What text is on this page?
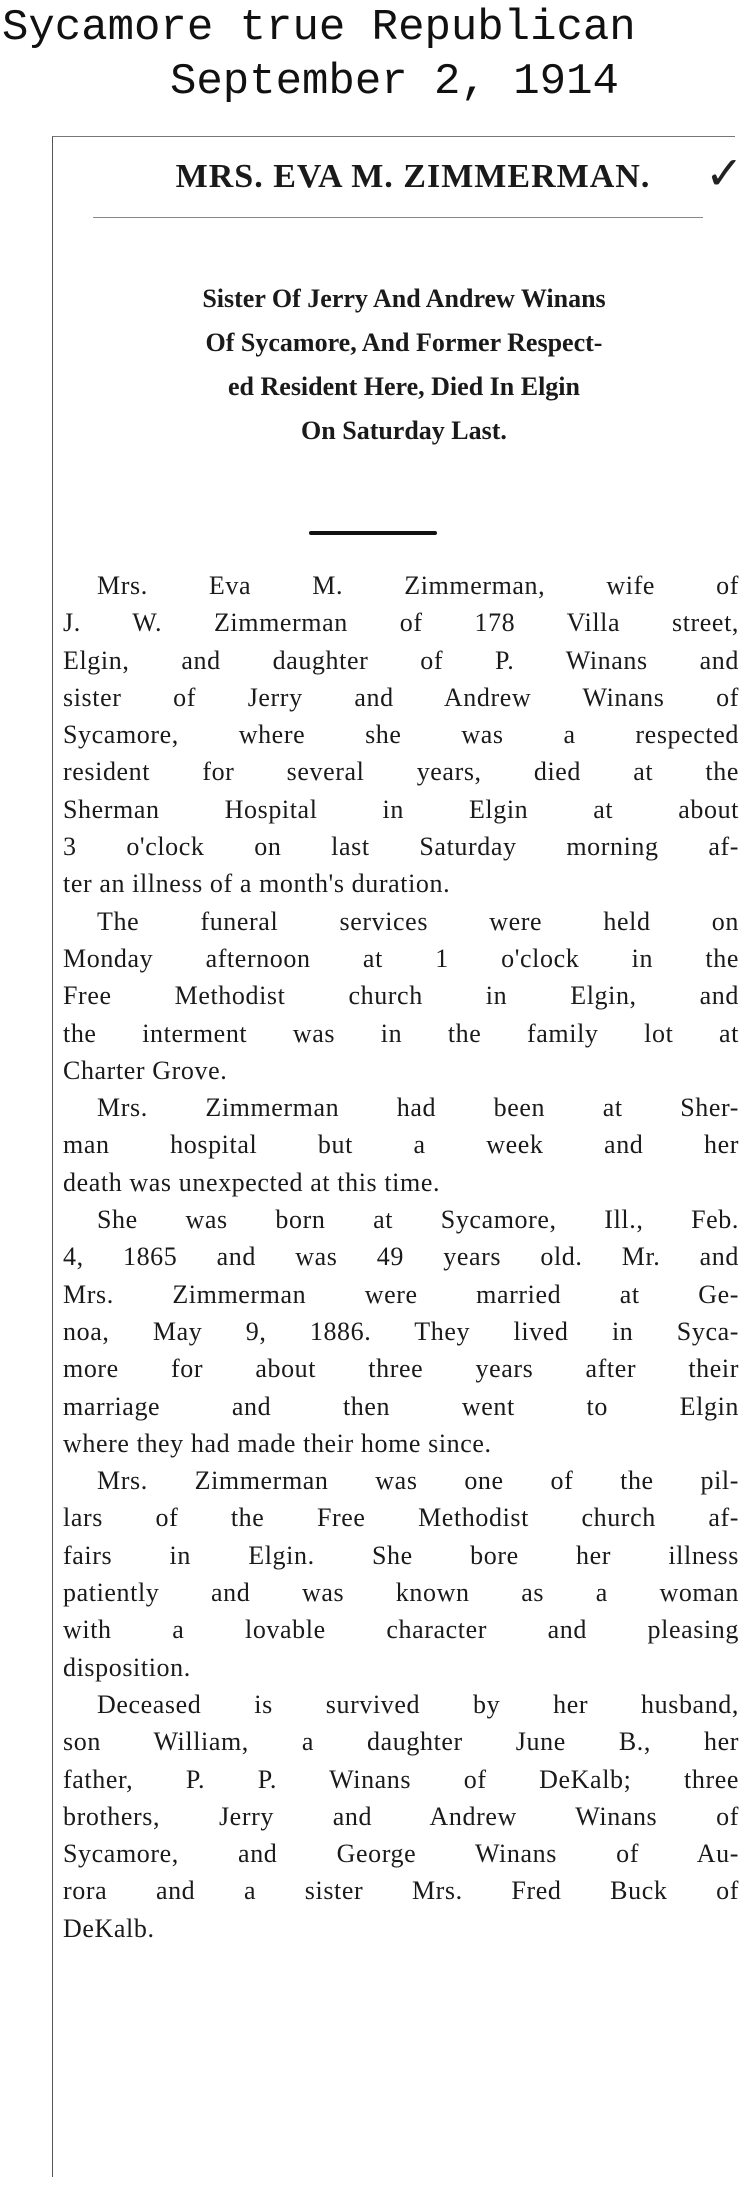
Sycamore true Republican
September 2, 1914
MRS. EVA M. ZIMMERMAN.
Sister Of Jerry And Andrew Winans
Of Sycamore, And Former Respect-
ed Resident Here, Died In Elgin
On Saturday Last.
Mrs. Eva M. Zimmerman, wife of
J. W. Zimmerman of 178 Villa street,
Elgin, and daughter of P. Winans and
sister of Jerry and Andrew Winans of
Sycamore, where she was a respected
resident for several years, died at the
Sherman Hospital in Elgin at about
3 o'clock on last Saturday morning af-
ter an illness of a month's duration.
The funeral services were held on
Monday afternoon at 1 o'clock in the
Free Methodist church in Elgin, and
the interment was in the family lot at
Charter Grove.
Mrs. Zimmerman had been at Sher-
man hospital but a week and her
death was unexpected at this time.
She was born at Sycamore, Ill., Feb.
4, 1865 and was 49 years old. Mr. and
Mrs. Zimmerman were married at Ge-
noa, May 9, 1886. They lived in Syca-
more for about three years after their
marriage and then went to Elgin
where they had made their home since.
Mrs. Zimmerman was one of the pil-
lars of the Free Methodist church af-
fairs in Elgin. She bore her illness
patiently and was known as a woman
with a lovable character and pleasing
disposition.
Deceased is survived by her husband,
son William, a daughter June B., her
father, P. P. Winans of DeKalb; three
brothers, Jerry and Andrew Winans of
Sycamore, and George Winans of Au-
rora and a sister Mrs. Fred Buck of
DeKalb.
✓
